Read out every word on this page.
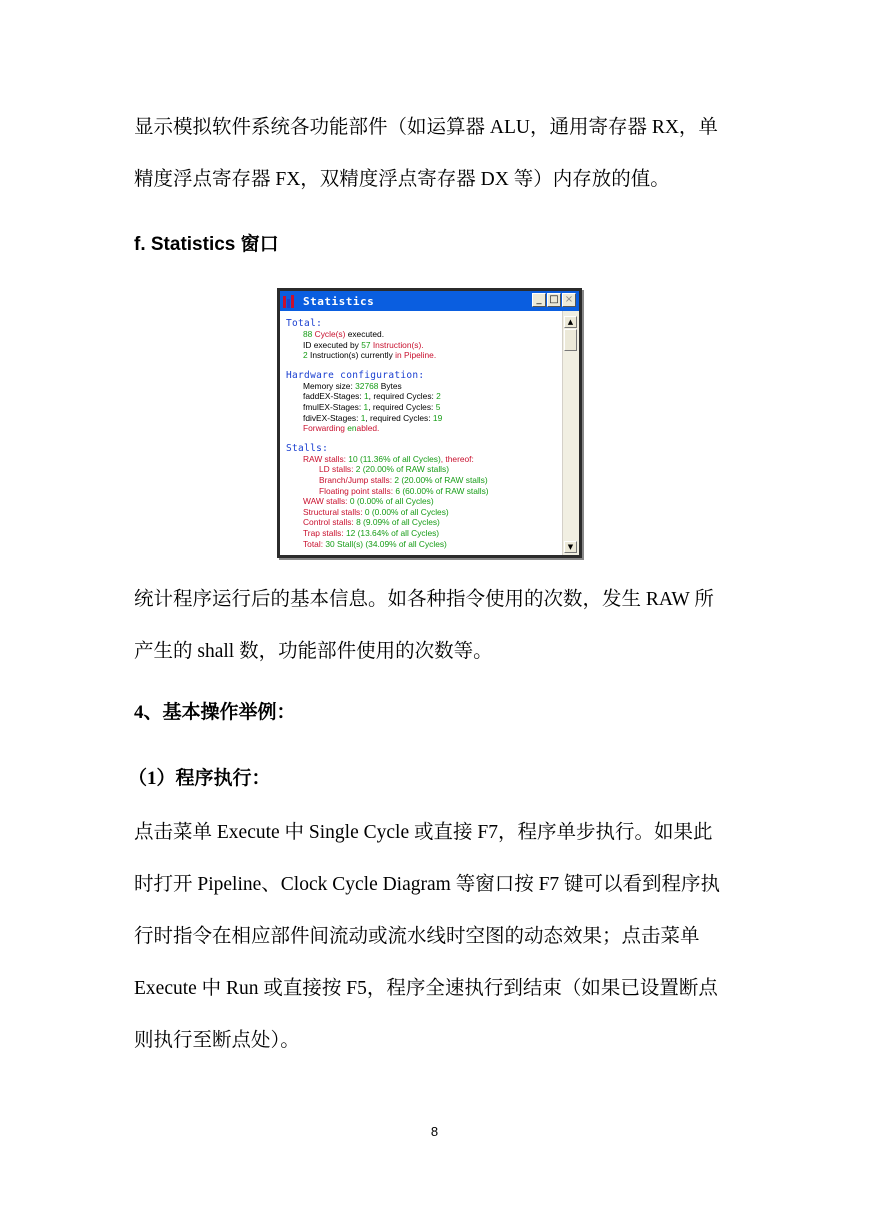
显示模拟软件系统各功能部件（如运算器 ALU，通用寄存器 RX，单

精度浮点寄存器 FX，双精度浮点寄存器 DX 等）内存放的值。

f. Statistics 窗口
Statistics	_ □ ×
Total:
88 Cycle(s) executed.
ID executed by 57 Instruction(s).
2 Instruction(s) currently in Pipeline.
Hardware configuration:
Memory size: 32768 Bytes
faddEX-Stages: 1, required Cycles: 2
fmulEX-Stages: 1, required Cycles: 5
fdivEX-Stages: 1, required Cycles: 19
Forwarding enabled.
Stalls:
RAW stalls: 10 (11.36% of all Cycles), thereof:
LD stalls: 2 (20.00% of RAW stalls)
Branch/Jump stalls: 2 (20.00% of RAW stalls)
Floating point stalls: 6 (60.00% of RAW stalls)
WAW stalls: 0 (0.00% of all Cycles)
Structural stalls: 0 (0.00% of all Cycles)
Control stalls: 8 (9.09% of all Cycles)
Trap stalls: 12 (13.64% of all Cycles)
Total: 30 Stall(s) (34.09% of all Cycles)
▲
▼

统计程序运行后的基本信息。如各种指令使用的次数，发生 RAW 所

产生的 shall 数，功能部件使用的次数等。

4、基本操作举例：
（1）程序执行：

点击菜单 Execute 中 Single Cycle 或直接 F7，程序单步执行。如果此

时打开 Pipeline、Clock Cycle Diagram 等窗口按 F7 键可以看到程序执

行时指令在相应部件间流动或流水线时空图的动态效果；点击菜单

Execute 中 Run 或直接按 F5，程序全速执行到结束（如果已设置断点

则执行至断点处）。

8
